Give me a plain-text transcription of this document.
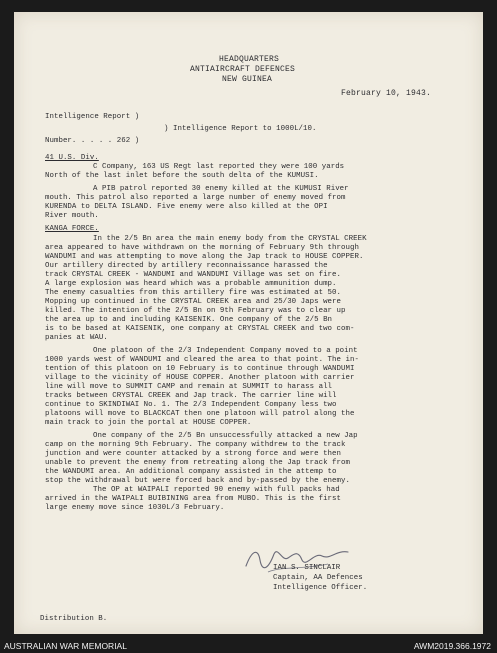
HEADQUARTERS
ANTIAIRCRAFT DEFENCES
NEW GUINEA
February 10, 1943.
Intelligence Report )
Number. . . . . 262 )
) Intelligence Report to 1000L/10.
41 U.S. Div.
C Company, 163 US Regt last reported they were 100 yards
North of the last inlet before the south delta of the KUMUSI.
A PIB patrol reported 30 enemy killed at the KUMUSI River
mouth. This patrol also reported a large number of enemy moved from
KURENDA to DELTA ISLAND. Five enemy were also killed at the OPI
River mouth.
KANGA FORCE.
In the 2/5 Bn area the main enemy body from the CRYSTAL CREEK
area appeared to have withdrawn on the morning of February 9th through
WANDUMI and was attempting to move along the Jap track to HOUSE COPPER.
Our artillery directed by artillery reconnaissance harassed the
track CRYSTAL CREEK - WANDUMI and WANDUMI Village was set on fire.
A large explosion was heard which was a probable ammunition dump.
The enemy casualties from this artillery fire was estimated at 50.
Mopping up continued in the CRYSTAL CREEK area and 25/30 Japs were
killed. The intention of the 2/5 Bn on 9th February was to clear up
the area up to and including KAISENIK. One company of the 2/5 Bn
is to be based at KAISENIK, one company at CRYSTAL CREEK and two com-
panies at WAU.
One platoon of the 2/3 Independent Company moved to a point
1000 yards west of WANDUMI and cleared the area to that point. The in-
tention of this platoon on 10 February is to continue through WANDUMI
village to the vicinity of HOUSE COPPER. Another platoon with carrier
line will move to SUMMIT CAMP and remain at SUMMIT to harass all
tracks between CRYSTAL CREEK and Jap track. The carrier line will
continue to SKINDIWAI No. 1. The 2/3 Independent Company less two
platoons will move to BLACKCAT then one platoon will patrol along the
main track to join the portal at HOUSE COPPER.
One company of the 2/5 Bn unsuccessfully attacked a new Jap
camp on the morning 9th February. The company withdrew to the track
junction and were counter attacked by a strong force and were then
unable to prevent the enemy from retreating along the Jap track from
the WANDUMI area. An additional company assisted in the attemp to
stop the withdrawal but were forced back and by-passed by the enemy.
The OP at WAIPALI reported 90 enemy with full packs had
arrived in the WAIPALI BUIBINING area from MUBO. This is the first
large enemy move since 1030L/3 February.
IAN S. SINCLAIR
Captain, AA Defences
Intelligence Officer.
Distribution B.
AUSTRALIAN WAR MEMORIAL	AWM2019.366.1972
